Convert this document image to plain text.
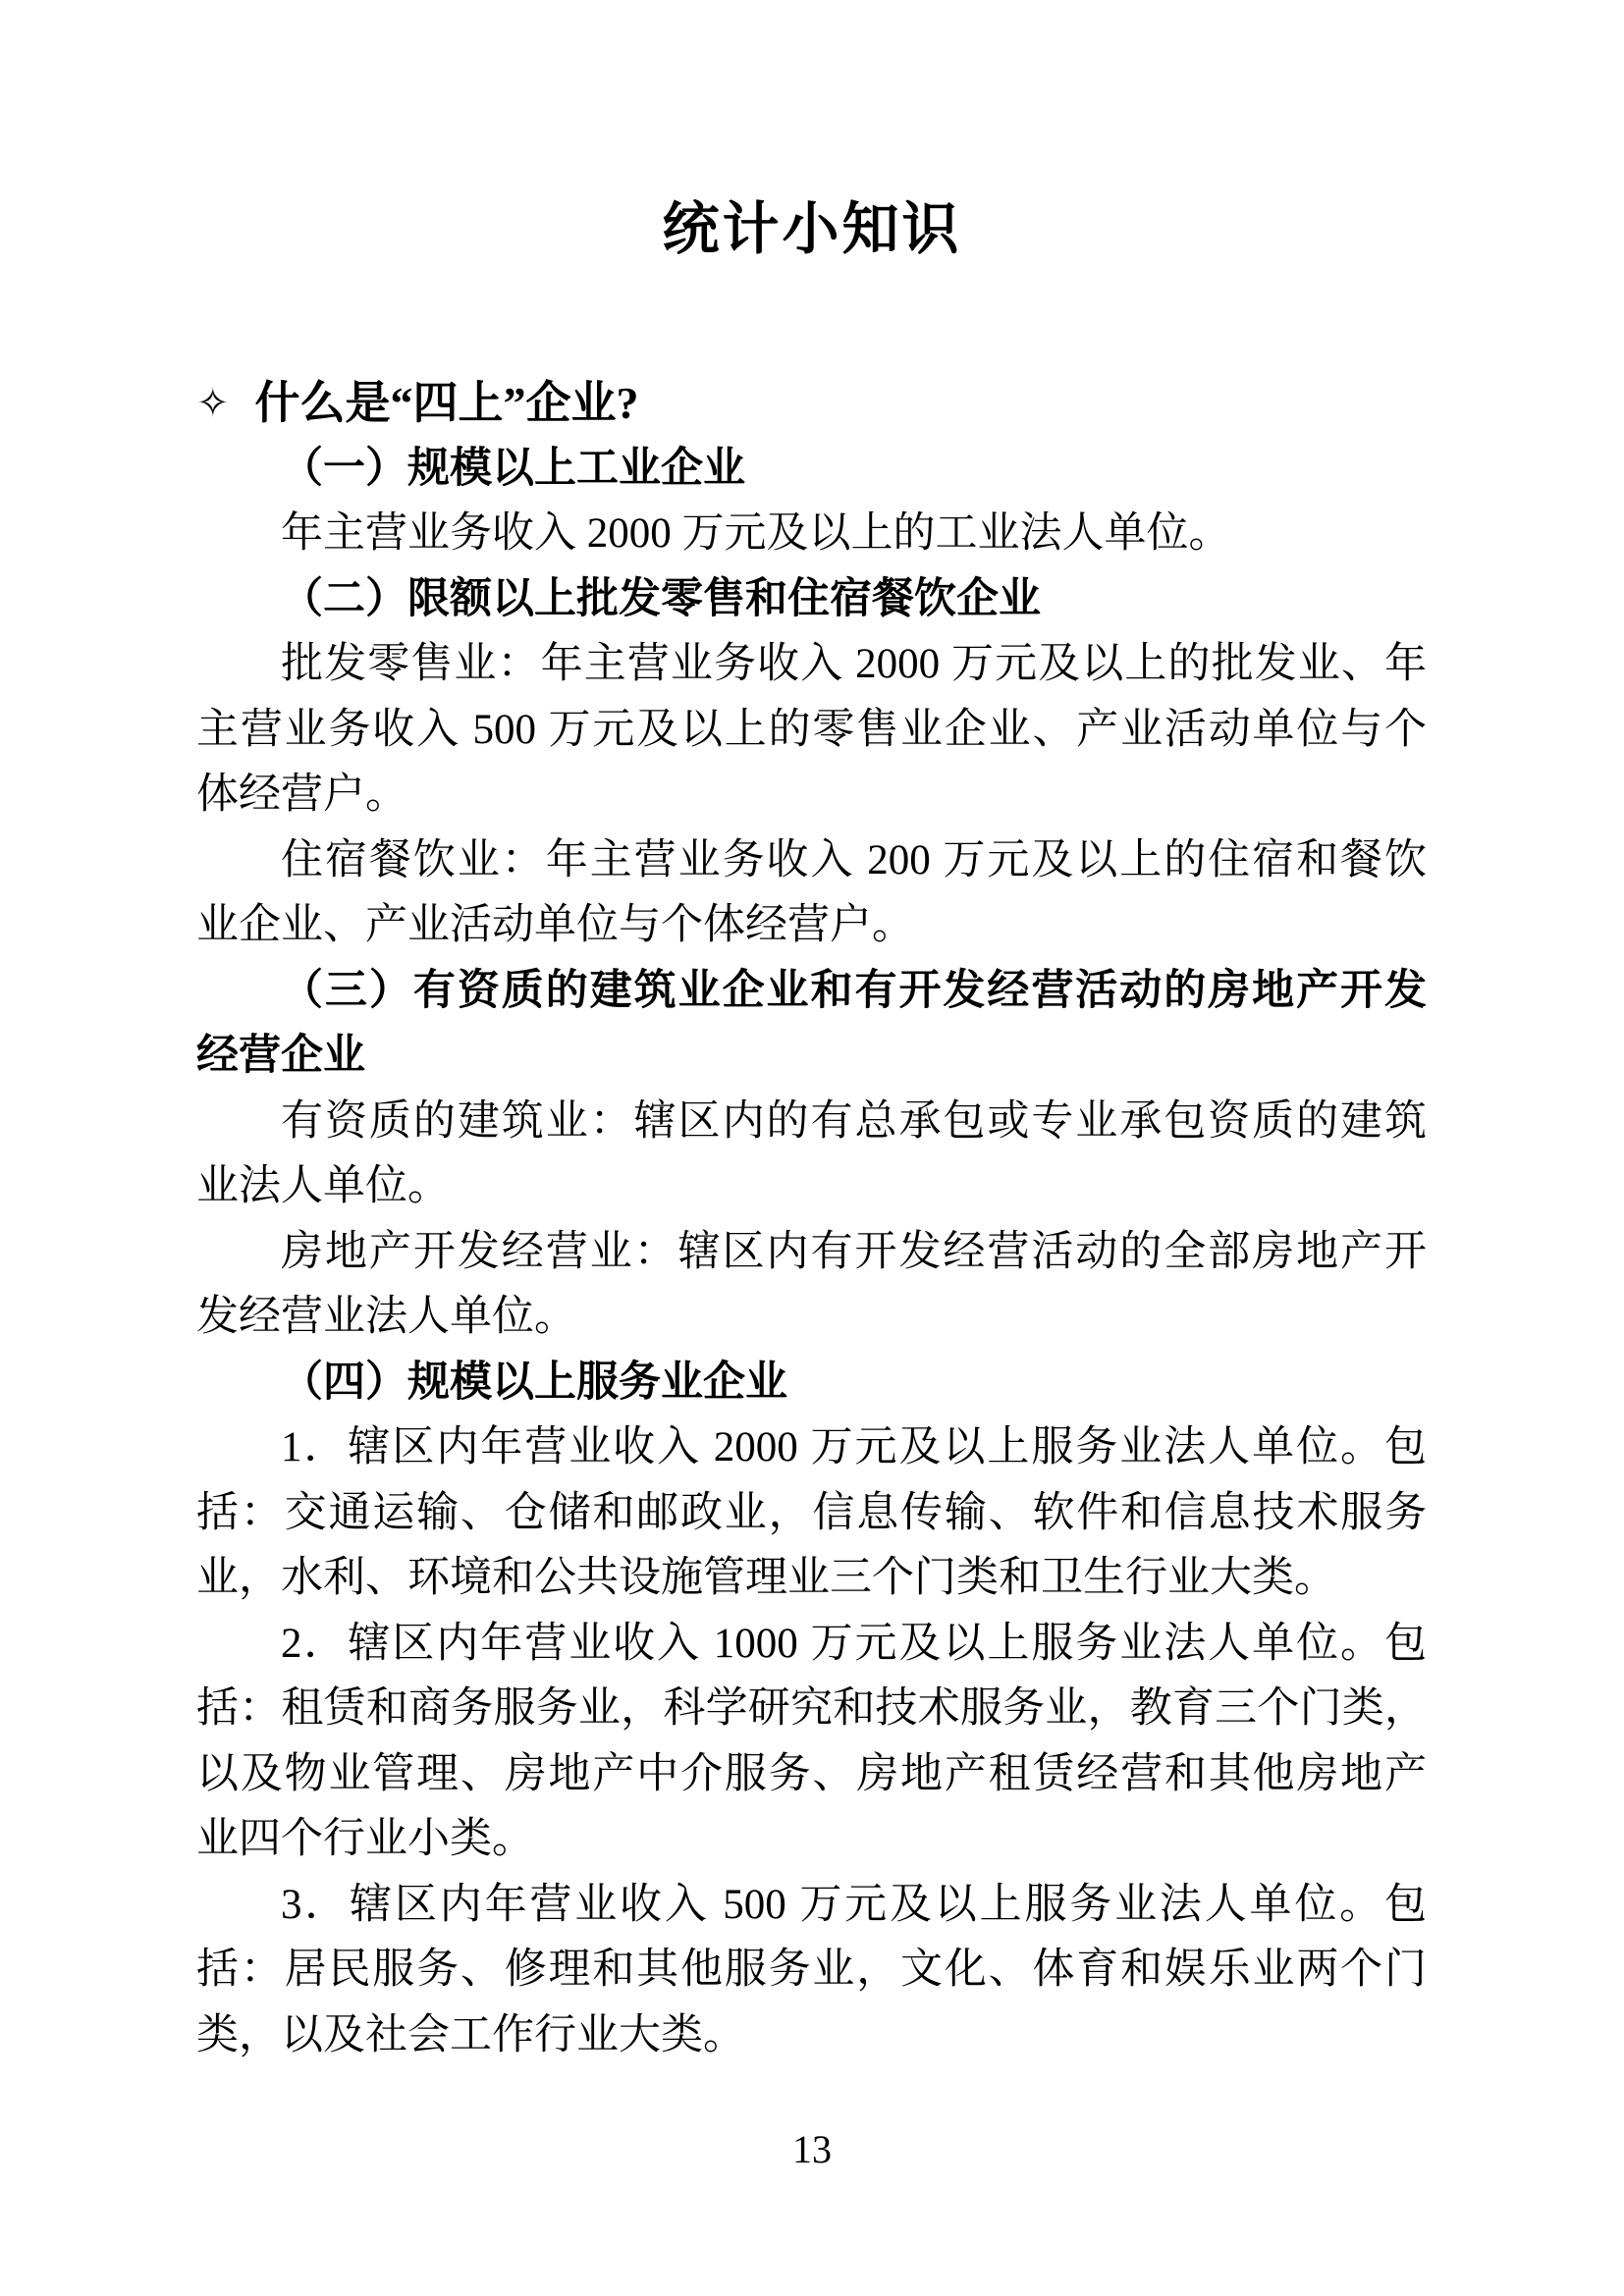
统计小知识
✧ 什么是“四上”企业?
（一）规模以上工业企业
年主营业务收入 2000 万元及以上的工业法人单位。
（二）限额以上批发零售和住宿餐饮企业
批发零售业：年主营业务收入 2000 万元及以上的批发业、年
主营业务收入 500 万元及以上的零售业企业、产业活动单位与个
体经营户。
住宿餐饮业：年主营业务收入 200 万元及以上的住宿和餐饮
业企业、产业活动单位与个体经营户。
（三）有资质的建筑业企业和有开发经营活动的房地产开发
经营企业
有资质的建筑业：辖区内的有总承包或专业承包资质的建筑
业法人单位。
房地产开发经营业：辖区内有开发经营活动的全部房地产开
发经营业法人单位。
（四）规模以上服务业企业
1．辖区内年营业收入 2000 万元及以上服务业法人单位。包
括：交通运输、仓储和邮政业，信息传输、软件和信息技术服务
业，水利、环境和公共设施管理业三个门类和卫生行业大类。
2．辖区内年营业收入 1000 万元及以上服务业法人单位。包
括：租赁和商务服务业，科学研究和技术服务业，教育三个门类，
以及物业管理、房地产中介服务、房地产租赁经营和其他房地产
业四个行业小类。
3．辖区内年营业收入 500 万元及以上服务业法人单位。包
括：居民服务、修理和其他服务业，文化、体育和娱乐业两个门
类，以及社会工作行业大类。
13
